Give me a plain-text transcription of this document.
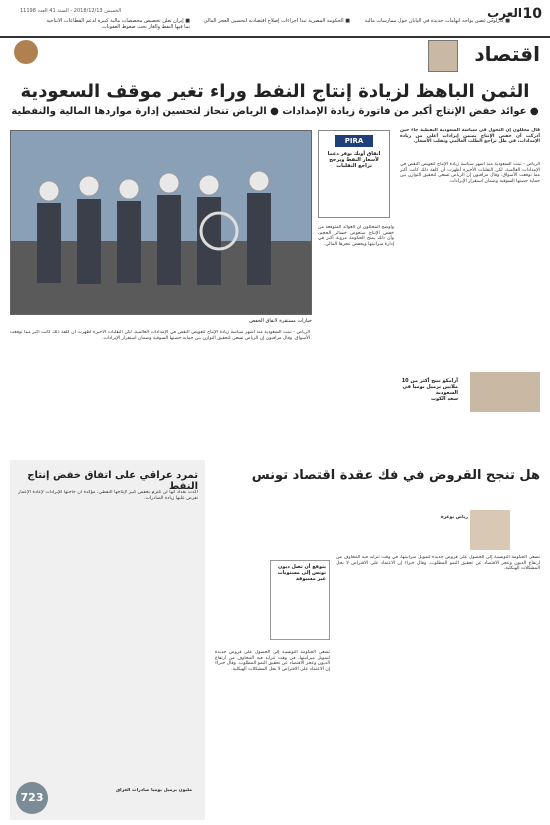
10
العرب
الخميس 2018/12/13 - السنة 41 العدد 11198
■ إيران تعلن تخصيص مخصصات مالية كبيرة لدعم القطاعات الانتاجية بما فيها النفط والغاز تحت ضغوط العقوبات
■ الحكومة المصرية تبدأ اجراءات إصلاح اقتصادية لتحسين العجز المالي	■ كارلوس غصن يواجه اتهامات جديدة في اليابان حول ممارسات مالية
اقتصاد
الثمن الباهظ لزيادة إنتاج النفط وراء تغير موقف السعودية
● عوائد خفض الإنتاج أكبر من فاتورة زيادة الإمدادات ● الرياض تنحاز لتحسين إدارة مواردها المالية والنفطية
خيارات مستقرة لاتفاق الخفض
PIRA
اتفاق أوبك يوفر دعما لأسعار النفط ويرجح تراجع التقلبات
قال محللون إن التحول في سياسة السعودية النفطية جاء حين أدركت أن خفض الإنتاج يضمن إيرادات أعلى من زيادة الإمدادات، في ظل تراجع الطلب العالمي وتقلب الأسعار.
الرياض - تبنت السعودية منذ أشهر سياسة زيادة الإنتاج لتعويض النقص في الإمدادات العالمية، لكن التقلبات الأخيرة أظهرت أن كلفة ذلك كانت أكبر مما توقعت الأسواق. وقال مراقبون إن الرياض تسعى لتحقيق التوازن بين حماية حصتها السوقية وضمان استقرار الإيرادات.
وأوضح المحللون أن العوائد المتوقعة من خفض الإنتاج ستعوض خسائر الحجم، وأن ذلك يمنح الحكومة مرونة أكبر في إدارة ميزانيتها ويخفض عجزها المالي.
الرياض - تبنت السعودية منذ أشهر سياسة زيادة الإنتاج لتعويض النقص في الإمدادات العالمية، لكن التقلبات الأخيرة أظهرت أن كلفة ذلك كانت أكبر مما توقعت الأسواق. وقال مراقبون إن الرياض تسعى لتحقيق التوازن بين حماية حصتها السوقية وضمان استقرار الإيرادات.
أرامكو تنتج أكثر من 10 ملايين برميل يوميا في السعودية
سعد الكوت
هل تنجح القروض في فك عقدة اقتصاد تونس
رياض بوعزة
يتوقع أن تصل ديون تونس إلى مستويات غير مسبوقة
تسعى الحكومة التونسية إلى الحصول على قروض جديدة لتمويل ميزانيتها، في وقت تتزايد فيه المخاوف من ارتفاع الديون وعجز الاقتصاد عن تحقيق النمو المطلوب. وقال خبراء إن الاعتماد على الاقتراض لا يحل المشكلات الهيكلية.
تسعى الحكومة التونسية إلى الحصول على قروض جديدة لتمويل ميزانيتها، في وقت تتزايد فيه المخاوف من ارتفاع الديون وعجز الاقتصاد عن تحقيق النمو المطلوب. وقال خبراء إن الاعتماد على الاقتراض لا يحل المشكلات الهيكلية.
تمرد عراقي على اتفاق خفض إنتاج النفط
أكدت بغداد أنها لن تلتزم بخفض كبير لإنتاجها النفطي، مؤكدة أن حاجتها للإيرادات لإعادة الإعمار تفرض عليها زيادة الصادرات.
723
مليون برميل يوميا صادرات العراق
